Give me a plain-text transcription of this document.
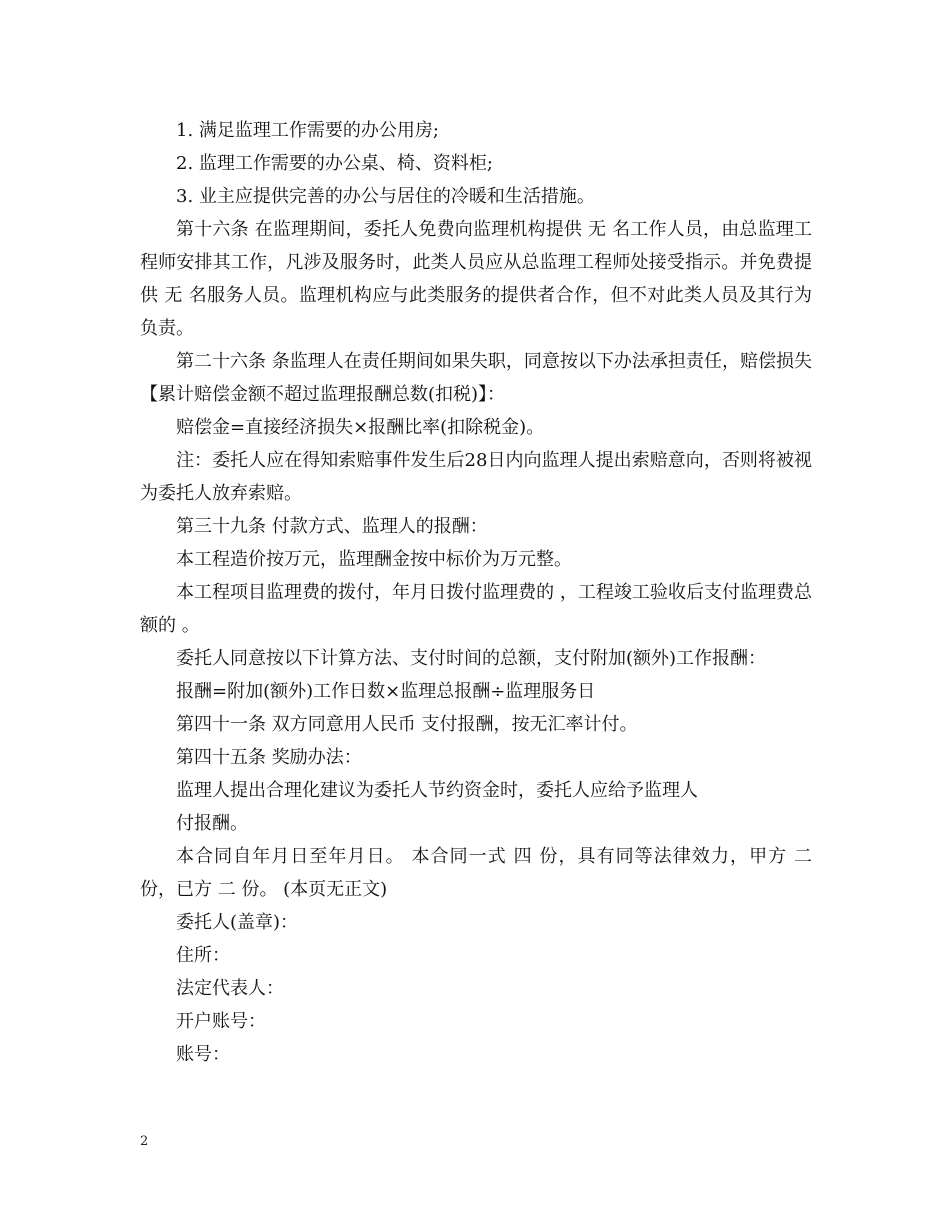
1. 满足监理工作需要的办公用房;

2. 监理工作需要的办公桌、椅、资料柜;

3. 业主应提供完善的办公与居住的冷暖和生活措施。

第十六条 在监理期间，委托人免费向监理机构提供 无 名工作人员，由总监理工程师安排其工作，凡涉及服务时，此类人员应从总监理工程师处接受指示。并免费提供 无 名服务人员。监理机构应与此类服务的提供者合作，但不对此类人员及其行为负责。

第二十六条 条监理人在责任期间如果失职，同意按以下办法承担责任，赔偿损失【累计赔偿金额不超过监理报酬总数(扣税)】：

赔偿金=直接经济损失×报酬比率(扣除税金)。

注：委托人应在得知索赔事件发生后28日内向监理人提出索赔意向，否则将被视为委托人放弃索赔。

第三十九条 付款方式、监理人的报酬：

本工程造价按万元，监理酬金按中标价为万元整。

本工程项目监理费的拨付，年月日拨付监理费的 ，工程竣工验收后支付监理费总额的 。

委托人同意按以下计算方法、支付时间的总额，支付附加(额外)工作报酬：

报酬=附加(额外)工作日数×监理总报酬÷监理服务日

第四十一条 双方同意用人民币 支付报酬，按无汇率计付。

第四十五条 奖励办法：

监理人提出合理化建议为委托人节约资金时，委托人应给予监理人

付报酬。

本合同自年月日至年月日。 本合同一式 四 份，具有同等法律效力，甲方 二 份，已方 二 份。 (本页无正文)

委托人(盖章)：

住所：

法定代表人：

开户账号：

账号：

2
